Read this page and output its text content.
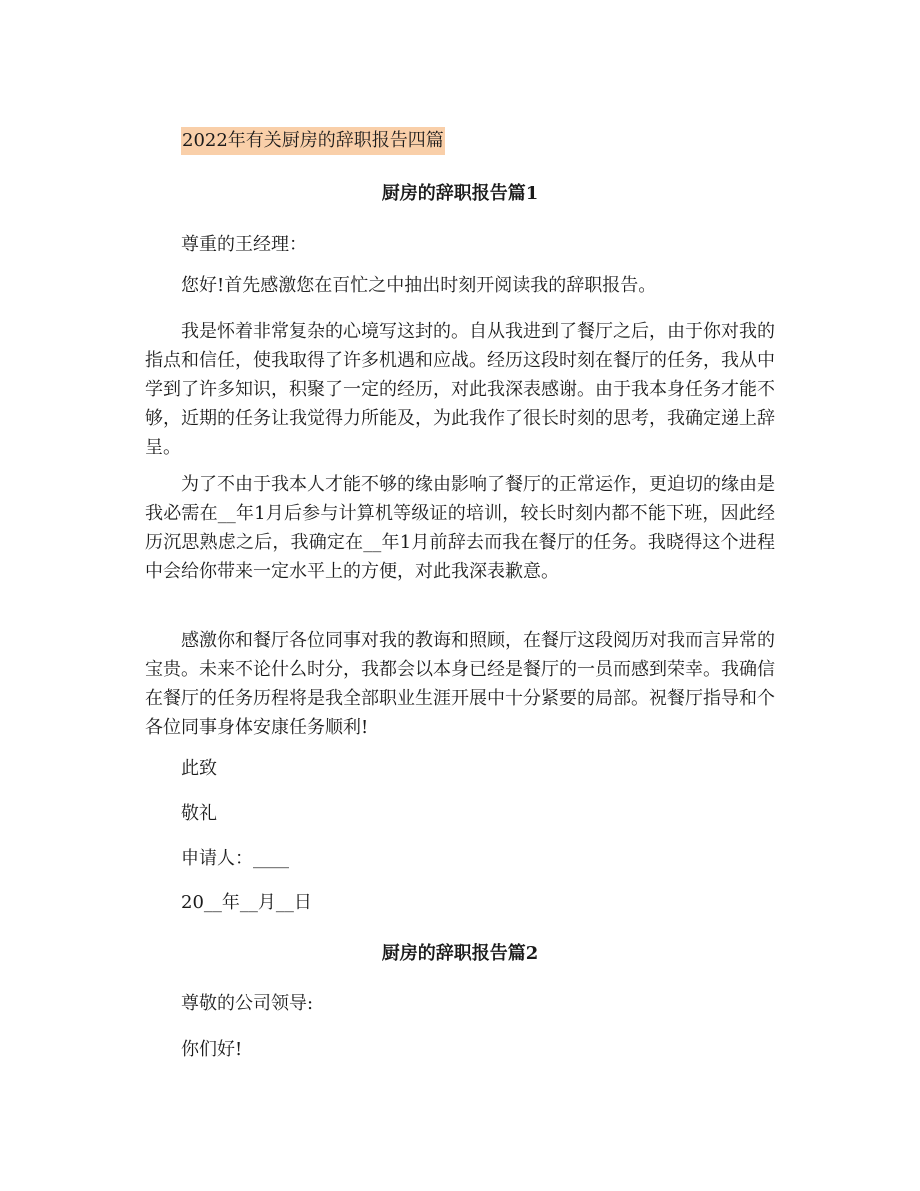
2022年有关厨房的辞职报告四篇
厨房的辞职报告篇1
尊重的王经理：
您好!首先感激您在百忙之中抽出时刻开阅读我的辞职报告。
我是怀着非常复杂的心境写这封的。自从我进到了餐厅之后，由于你对我的指点和信任，使我取得了许多机遇和应战。经历这段时刻在餐厅的任务，我从中学到了许多知识，积聚了一定的经历，对此我深表感谢。由于我本身任务才能不够，近期的任务让我觉得力所能及，为此我作了很长时刻的思考，我确定递上辞呈。
为了不由于我本人才能不够的缘由影响了餐厅的正常运作，更迫切的缘由是我必需在__年1月后参与计算机等级证的培训，较长时刻内都不能下班，因此经历沉思熟虑之后，我确定在__年1月前辞去而我在餐厅的任务。我晓得这个进程中会给你带来一定水平上的方便，对此我深表歉意。
感激你和餐厅各位同事对我的教诲和照顾，在餐厅这段阅历对我而言异常的宝贵。未来不论什么时分，我都会以本身已经是餐厅的一员而感到荣幸。我确信在餐厅的任务历程将是我全部职业生涯开展中十分紧要的局部。祝餐厅指导和个各位同事身体安康任务顺利!
此致
敬礼
申请人：____
20__年__月__日
厨房的辞职报告篇2
尊敬的公司领导:
你们好!
